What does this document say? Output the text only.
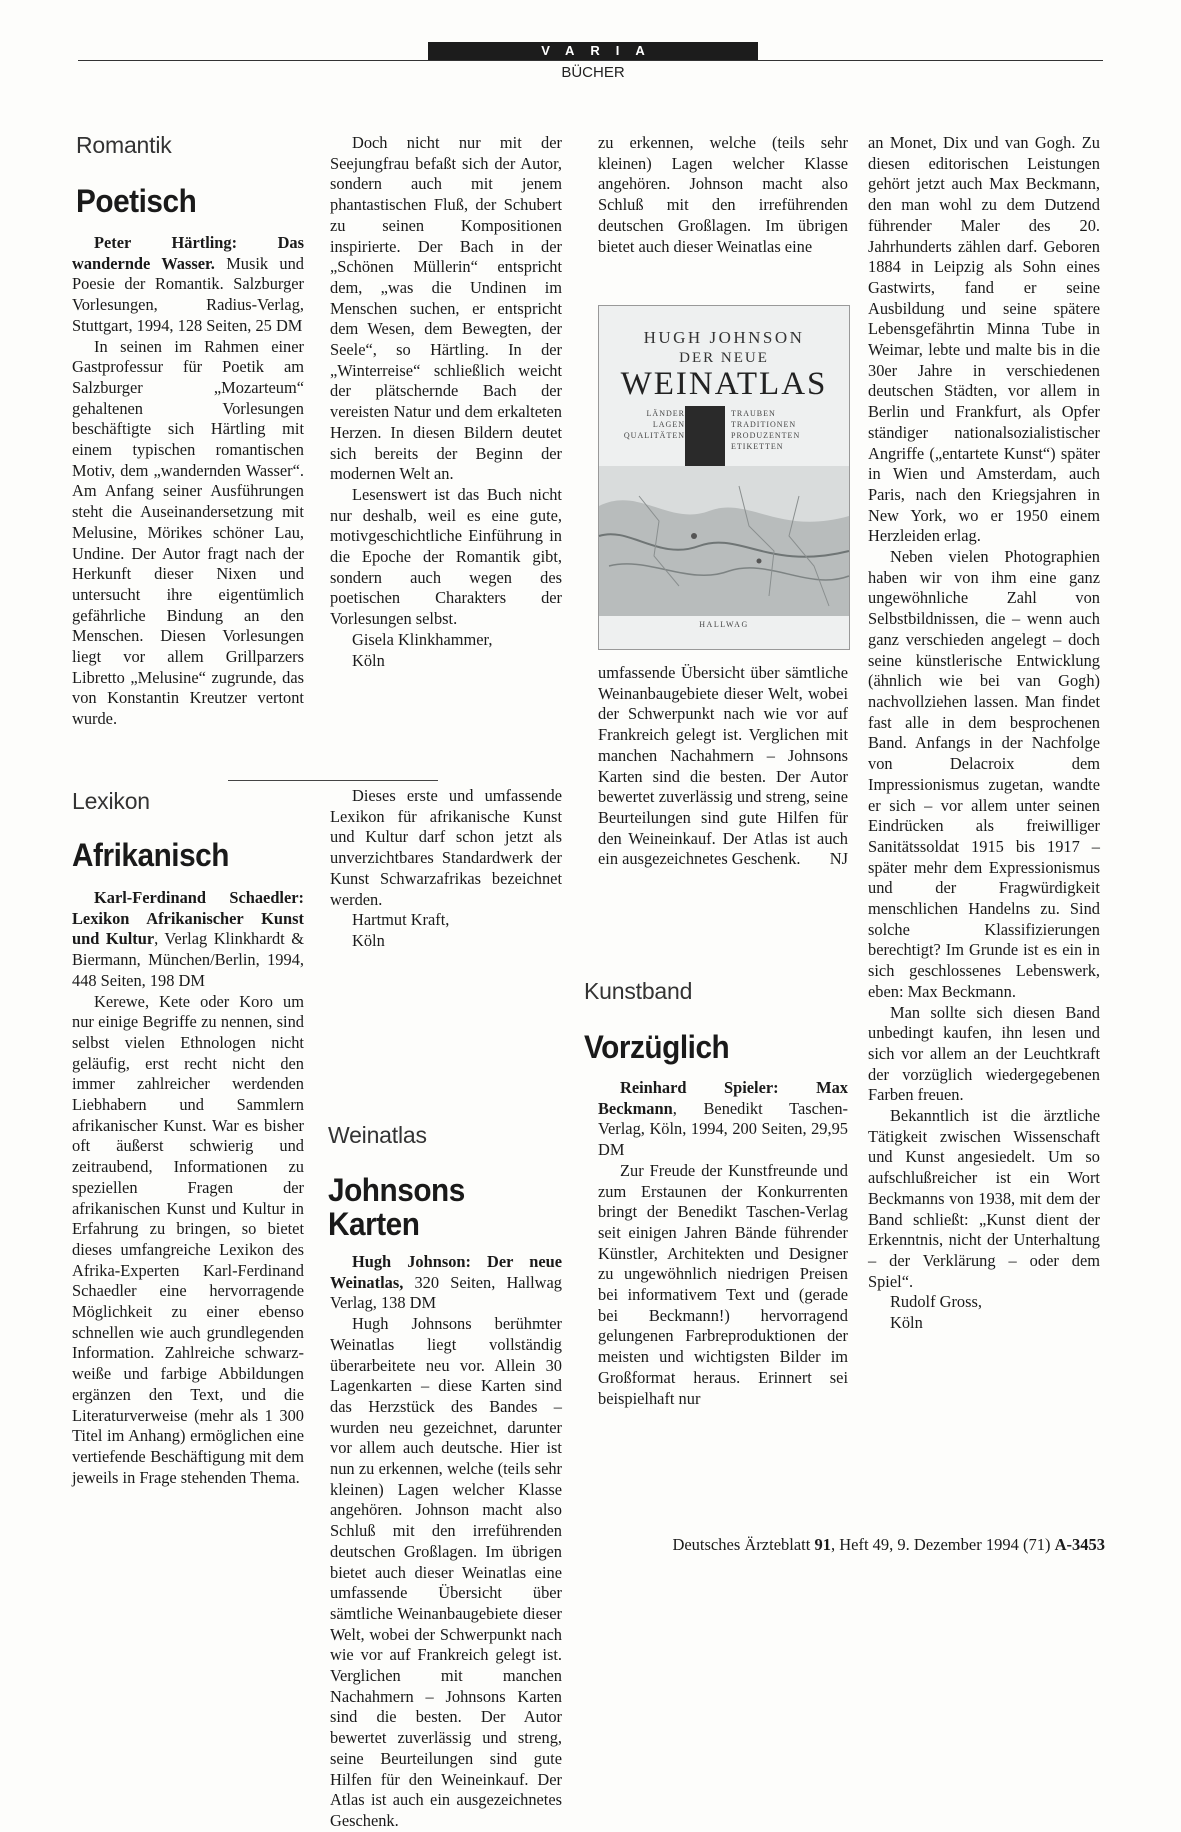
VARIA
BÜCHER
Romantik
Poetisch

Peter Härtling: Das wandernde Wasser. Musik und Poesie der Romantik. Salzburger Vorlesungen, Radius-Verlag, Stuttgart, 1994, 128 Seiten, 25 DM

In seinen im Rahmen einer Gastprofessur für Poetik am Salzburger „Mozarteum“ gehaltenen Vorlesungen beschäftigte sich Härtling mit einem typischen romantischen Motiv, dem „wandernden Wasser“. Am Anfang seiner Ausführungen steht die Auseinandersetzung mit Melusine, Mörikes schöner Lau, Undine. Der Autor fragt nach der Herkunft dieser Nixen und untersucht ihre eigentümlich gefährliche Bindung an den Menschen. Diesen Vorlesungen liegt vor allem Grillparzers Libretto „Melusine“ zugrunde, das von Konstantin Kreutzer vertont wurde.

Doch nicht nur mit der Seejungfrau befaßt sich der Autor, sondern auch mit jenem phantastischen Fluß, der Schubert zu seinen Kompositionen inspirierte. Der Bach in der „Schönen Müllerin“ entspricht dem, „was die Undinen im Menschen suchen, er entspricht dem Wesen, dem Bewegten, der Seele“, so Härtling. In der „Winterreise“ schließlich weicht der plätschernde Bach der vereisten Natur und dem erkalteten Herzen. In diesen Bildern deutet sich bereits der Beginn der modernen Welt an.

Lesenswert ist das Buch nicht nur deshalb, weil es eine gute, motivgeschichtliche Einführung in die Epoche der Romantik gibt, sondern auch wegen des poetischen Charakters der Vorlesungen selbst.

Gisela Klinkhammer,
Köln
Lexikon
Afrikanisch

Karl-Ferdinand Schaedler: Lexikon Afrikanischer Kunst und Kultur, Verlag Klinkhardt & Biermann, München/Berlin, 1994, 448 Seiten, 198 DM

Kerewe, Kete oder Koro um nur einige Begriffe zu nennen, sind selbst vielen Ethnologen nicht geläufig, erst recht nicht den immer zahlreicher werdenden Liebhabern und Sammlern afrikanischer Kunst. War es bisher oft äußerst schwierig und zeitraubend, Informationen zu speziellen Fragen der afrikanischen Kunst und Kultur in Erfahrung zu bringen, so bietet dieses umfangreiche Lexikon des Afrika-Experten Karl-Ferdinand Schaedler eine hervorragende Möglichkeit zu einer ebenso schnellen wie auch grundlegenden Information. Zahlreiche schwarz-weiße und farbige Abbildungen ergänzen den Text, und die Literaturverweise (mehr als 1 300 Titel im Anhang) ermöglichen eine vertiefende Beschäftigung mit dem jeweils in Frage stehenden Thema.

Dieses erste und umfassende Lexikon für afrikanische Kunst und Kultur darf schon jetzt als unverzichtbares Standardwerk der Kunst Schwarzafrikas bezeichnet werden.

Hartmut Kraft,
Köln
Weinatlas
Johnsons
Karten

Hugh Johnson: Der neue Weinatlas, 320 Seiten, Hallwag Verlag, 138 DM

Hugh Johnsons berühmter Weinatlas liegt vollständig überarbeitete neu vor. Allein 30 Lagenkarten – diese Karten sind das Herzstück des Bandes – wurden neu gezeichnet, darunter vor allem auch deutsche. Hier ist nun zu erkennen, welche (teils sehr kleinen) Lagen welcher Klasse angehören. Johnson macht also Schluß mit den irreführenden deutschen Großlagen. Im übrigen bietet auch dieser Weinatlas eine umfassende Übersicht über sämtliche Weinanbaugebiete dieser Welt, wobei der Schwerpunkt nach wie vor auf Frankreich gelegt ist. Verglichen mit manchen Nachahmern – Johnsons Karten sind die besten. Der Autor bewertet zuverlässig und streng, seine Beurteilungen sind gute Hilfen für den Weineinkauf. Der Atlas ist auch ein ausgezeichnetes Geschenk.

zu erkennen, welche (teils sehr kleinen) Lagen welcher Klasse angehören. Johnson macht also Schluß mit den irreführenden deutschen Großlagen. Im übrigen bietet auch dieser Weinatlas eine

umfassende Übersicht über sämtliche Weinanbaugebiete dieser Welt, wobei der Schwerpunkt nach wie vor auf Frankreich gelegt ist. Verglichen mit manchen Nachahmern – Johnsons Karten sind die besten. Der Autor bewertet zuverlässig und streng, seine Beurteilungen sind gute Hilfen für den Weineinkauf. Der Atlas ist auch ein ausgezeichnetes Geschenk. NJ

HUGH JOHNSON
DER NEUE
WEINATLAS
LÄNDER LAGEN QUALITÄTEN
TRAUBEN TRADITIONEN PRODUZENTEN ETIKETTEN
HALLWAG
Kunstband
Vorzüglich

Reinhard Spieler: Max Beckmann, Benedikt Taschen-Verlag, Köln, 1994, 200 Seiten, 29,95 DM

Zur Freude der Kunstfreunde und zum Erstaunen der Konkurrenten bringt der Benedikt Taschen-Verlag seit einigen Jahren Bände führender Künstler, Architekten und Designer zu ungewöhnlich niedrigen Preisen bei informativem Text und (gerade bei Beckmann!) hervorragend gelungenen Farbreproduktionen der meisten und wichtigsten Bilder im Großformat heraus. Erinnert sei beispielhaft nur

an Monet, Dix und van Gogh. Zu diesen editorischen Leistungen gehört jetzt auch Max Beckmann, den man wohl zu dem Dutzend führender Maler des 20. Jahrhunderts zählen darf. Geboren 1884 in Leipzig als Sohn eines Gastwirts, fand er seine Ausbildung und seine spätere Lebensgefährtin Minna Tube in Weimar, lebte und malte bis in die 30er Jahre in verschiedenen deutschen Städten, vor allem in Berlin und Frankfurt, als Opfer ständiger nationalsozialistischer Angriffe („entartete Kunst“) später in Wien und Amsterdam, auch Paris, nach den Kriegsjahren in New York, wo er 1950 einem Herzleiden erlag.

Neben vielen Photographien haben wir von ihm eine ganz ungewöhnliche Zahl von Selbstbildnissen, die – wenn auch ganz verschieden angelegt – doch seine künstlerische Entwicklung (ähnlich wie bei van Gogh) nachvollziehen lassen. Man findet fast alle in dem besprochenen Band. Anfangs in der Nachfolge von Delacroix dem Impressionismus zugetan, wandte er sich – vor allem unter seinen Eindrücken als freiwilliger Sanitätssoldat 1915 bis 1917 – später mehr dem Expressionismus und der Fragwürdigkeit menschlichen Handelns zu. Sind solche Klassifizierungen berechtigt? Im Grunde ist es ein in sich geschlossenes Lebenswerk, eben: Max Beckmann.

Man sollte sich diesen Band unbedingt kaufen, ihn lesen und sich vor allem an der Leuchtkraft der vorzüglich wiedergegebenen Farben freuen.

Bekanntlich ist die ärztliche Tätigkeit zwischen Wissenschaft und Kunst angesiedelt. Um so aufschlußreicher ist ein Wort Beckmanns von 1938, mit dem der Band schließt: „Kunst dient der Erkenntnis, nicht der Unterhaltung – der Verklärung – oder dem Spiel“.

Rudolf Gross,
Köln
Deutsches Ärzteblatt 91, Heft 49, 9. Dezember 1994 (71) A-3453
